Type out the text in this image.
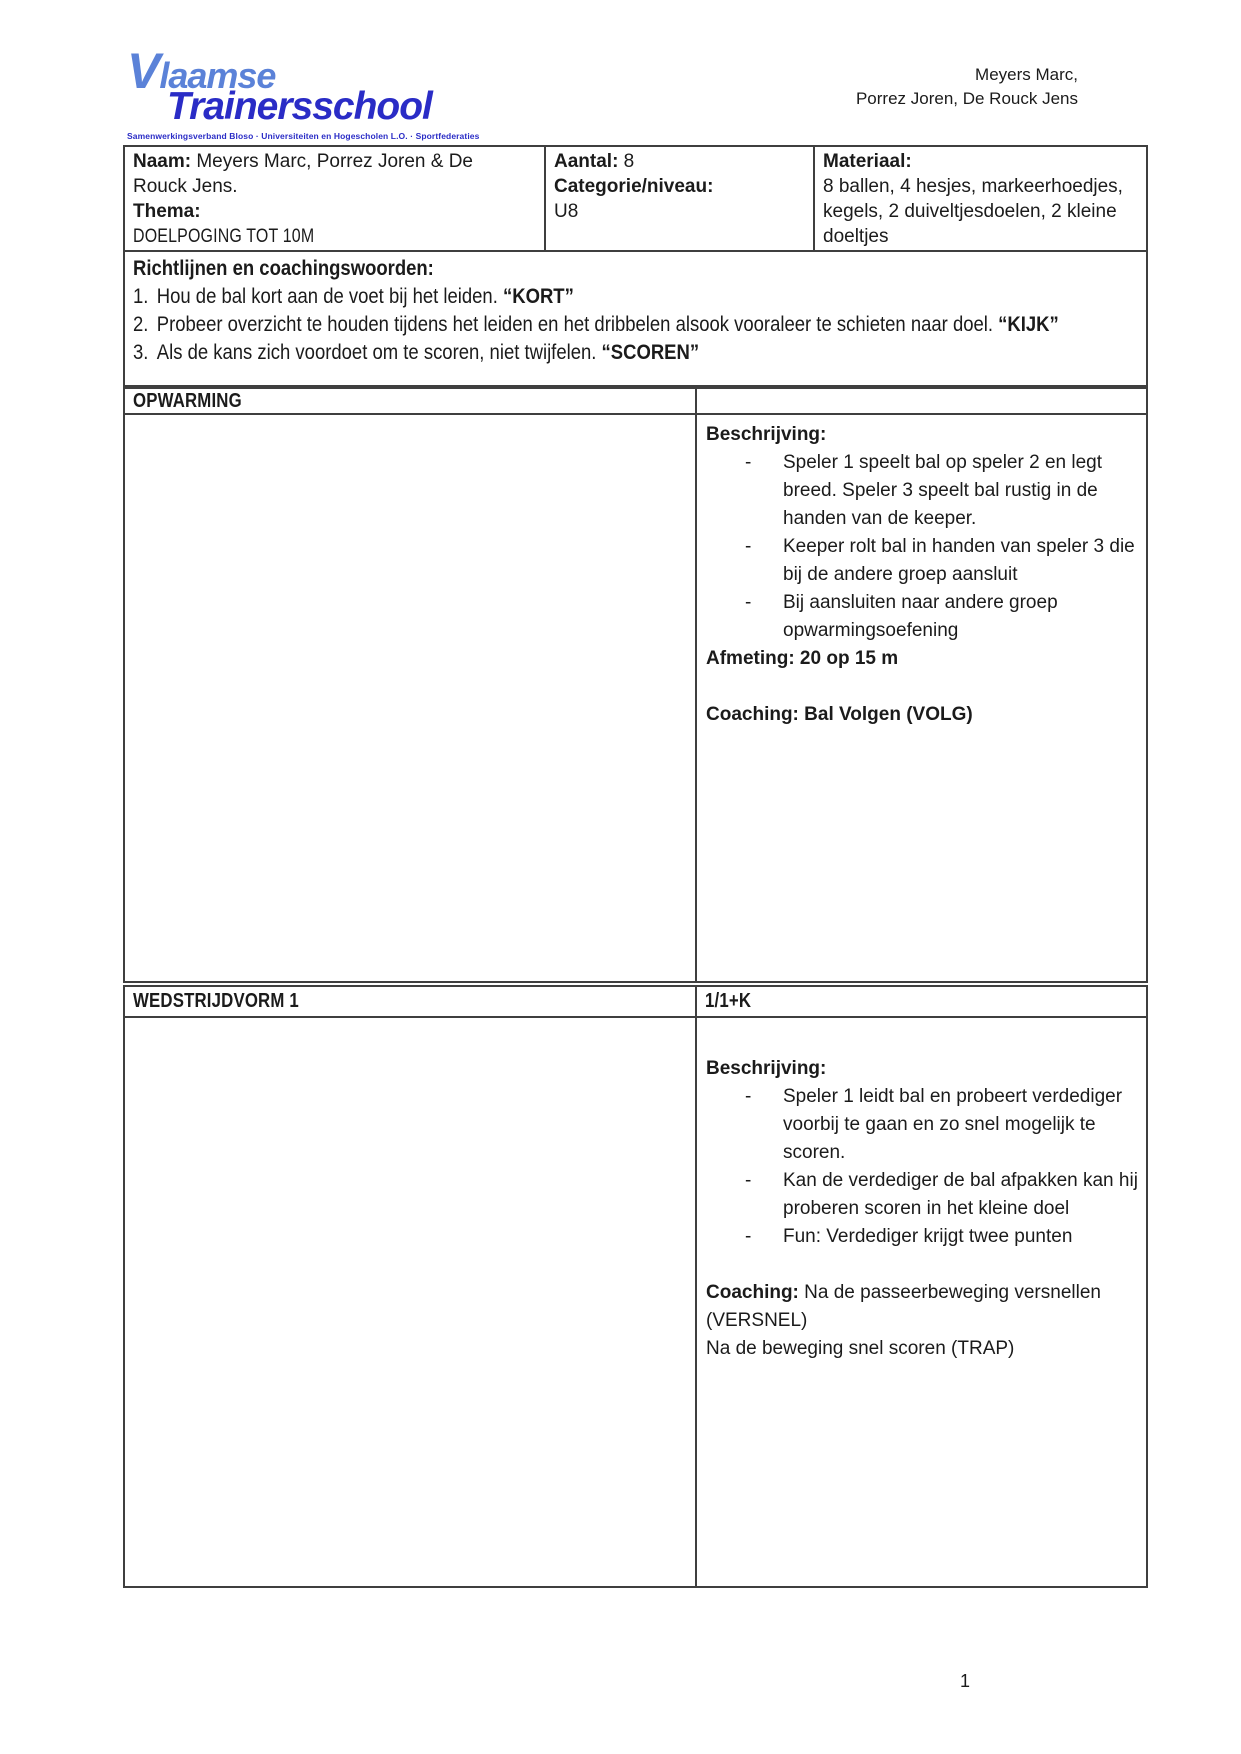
Vlaamse
Trainersschool
Samenwerkingsverband Bloso · Universiteiten en Hogescholen L.O. · Sportfederaties
Meyers Marc,
Porrez Joren, De Rouck Jens
Naam: Meyers Marc, Porrez Joren & De Rouck Jens.
Thema:
DOELPOGING TOT 10M
Aantal: 8
Categorie/niveau:
U8
Materiaal:
8 ballen, 4 hesjes, markeerhoedjes, kegels, 2 duiveltjesdoelen, 2 kleine doeltjes
Richtlijnen en coachingswoorden:
1. Hou de bal kort aan de voet bij het leiden. “KORT”
2. Probeer overzicht te houden tijdens het leiden en het dribbelen alsook vooraleer te schieten naar doel. “KIJK”
3. Als de kans zich voordoet om te scoren, niet twijfelen. “SCOREN”
OPWARMING
Beschrijving:
-	Speler 1 speelt bal op speler 2 en legt breed. Speler 3 speelt bal rustig in de handen van de keeper.
-	Keeper rolt bal in handen van speler 3 die bij de andere groep aansluit
-	Bij aansluiten naar andere groep opwarmingsoefening
Afmeting: 20 op 15 m
Coaching: Bal Volgen (VOLG)
WEDSTRIJDVORM 1	1/1+K
Beschrijving:
-	Speler 1 leidt bal en probeert verdediger voorbij te gaan en zo snel mogelijk te scoren.
-	Kan de verdediger de bal afpakken kan hij proberen scoren in het kleine doel
-	Fun: Verdediger krijgt twee punten
Coaching: Na de passeerbeweging versnellen
(VERSNEL)
Na de beweging snel scoren (TRAP)
1
